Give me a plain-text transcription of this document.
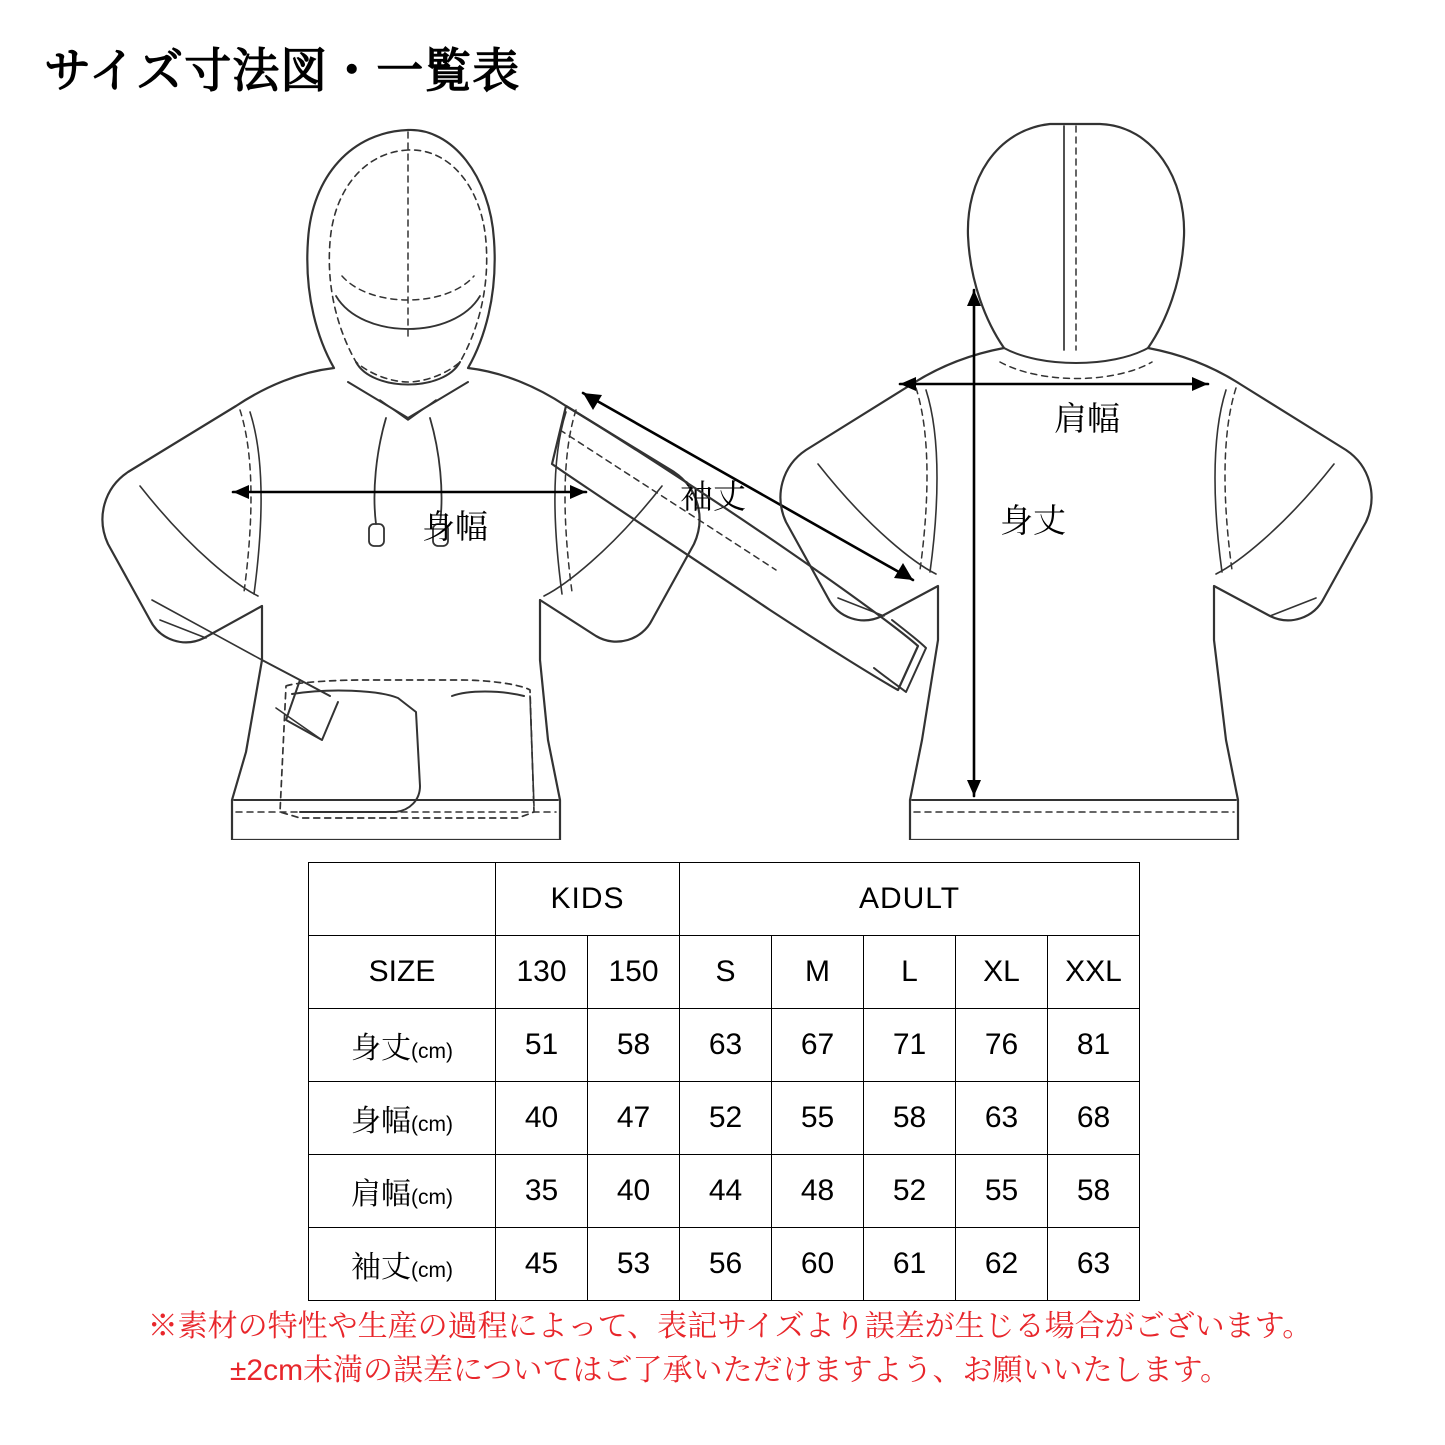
サイズ寸法図・一覧表
身幅
袖丈
肩幅
身丈
	KIDS		ADULT				
SIZE	130	150	S	M	L	XL	XXL
身丈(cm)	51	58	63	67	71	76	81
身幅(cm)	40	47	52	55	58	63	68
肩幅(cm)	35	40	44	48	52	55	58
袖丈(cm)	45	53	56	60	61	62	63
※素材の特性や生産の過程によって、表記サイズより誤差が生じる場合がございます。
±2cm未満の誤差についてはご了承いただけますよう、お願いいたします。
